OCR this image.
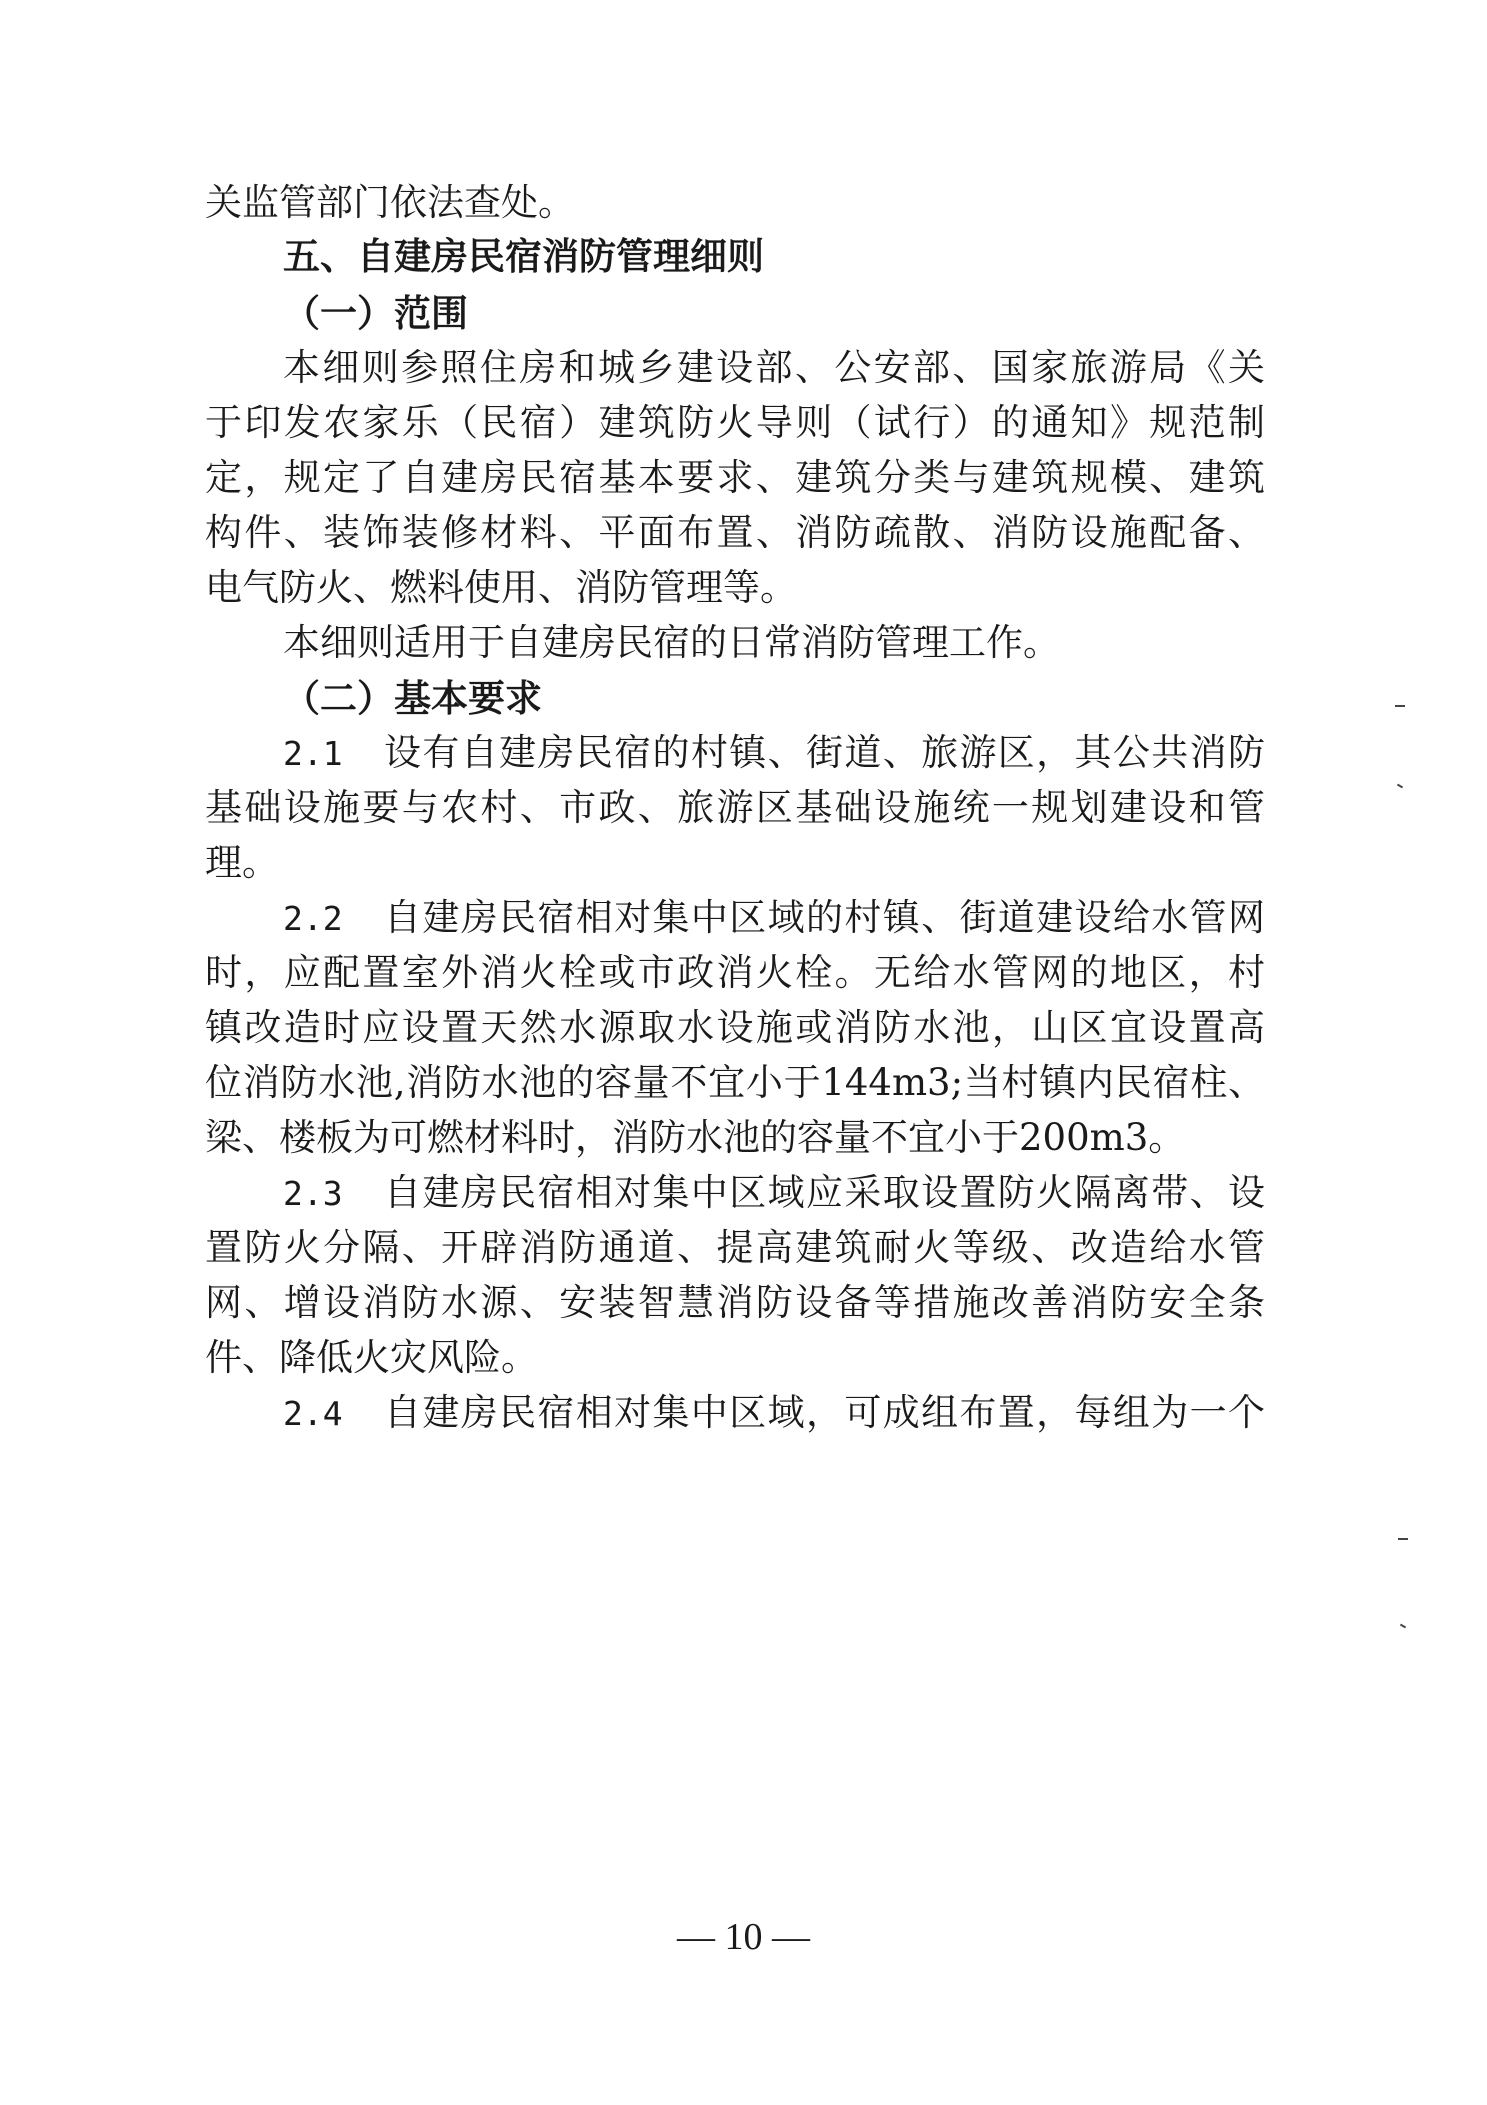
关监管部门依法查处。
五、自建房民宿消防管理细则
（一）范围
本细则参照住房和城乡建设部、公安部、国家旅游局《关
于印发农家乐（民宿）建筑防火导则（试行）的通知》规范制
定，规定了自建房民宿基本要求、建筑分类与建筑规模、建筑
构件、装饰装修材料、平面布置、消防疏散、消防设施配备、
电气防火、燃料使用、消防管理等。
本细则适用于自建房民宿的日常消防管理工作。
（二）基本要求
2.1 设有自建房民宿的村镇、街道、旅游区，其公共消防
基础设施要与农村、市政、旅游区基础设施统一规划建设和管
理。
2.2 自建房民宿相对集中区域的村镇、街道建设给水管网
时，应配置室外消火栓或市政消火栓。无给水管网的地区，村
镇改造时应设置天然水源取水设施或消防水池，山区宜设置高
位消防水池,消防水池的容量不宜小于144m3;当村镇内民宿柱、
梁、楼板为可燃材料时，消防水池的容量不宜小于200m3。
2.3 自建房民宿相对集中区域应采取设置防火隔离带、设
置防火分隔、开辟消防通道、提高建筑耐火等级、改造给水管
网、增设消防水源、安装智慧消防设备等措施改善消防安全条
件、降低火灾风险。
2.4 自建房民宿相对集中区域，可成组布置，每组为一个
— 10 —
